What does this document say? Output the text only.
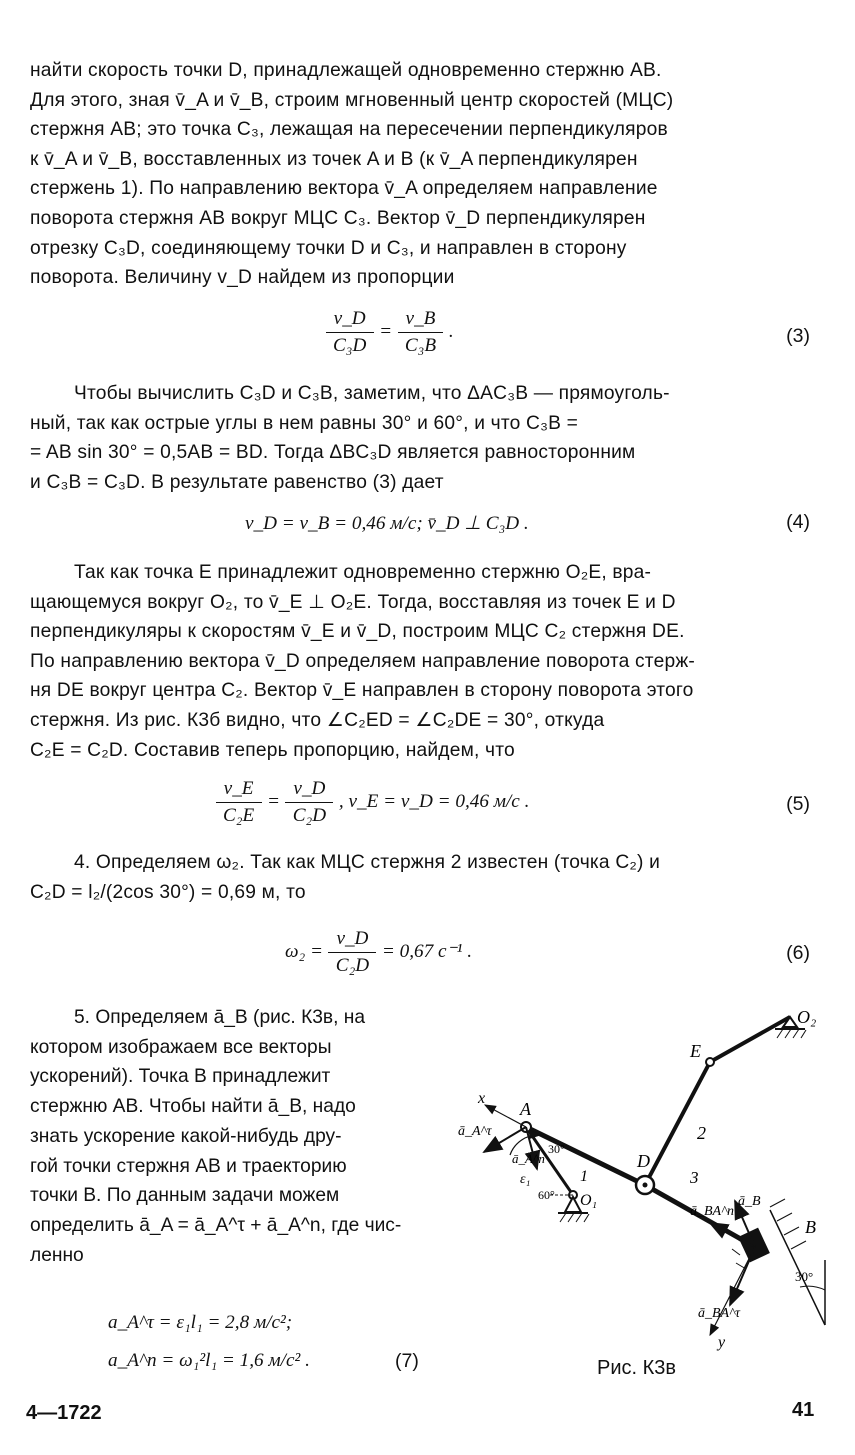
найти скорость точки D, принадлежащей одновременно стержню AB.
Для этого, зная v̄_A и v̄_B, строим мгновенный центр скоростей (МЦС)
стержня AB; это точка C₃, лежащая на пересечении перпендикуляров
к v̄_A и v̄_B, восставленных из точек A и B (к v̄_A перпендикулярен
стержень 1). По направлению вектора v̄_A определяем направление
поворота стержня AB вокруг МЦС C₃. Вектор v̄_D перпендикулярен
отрезку C₃D, соединяющему точки D и C₃, и направлен в сторону
поворота. Величину v_D найдем из пропорции
$\frac{v\_D}{\text{C₃D}} = \frac{v\_B}{\text{C₃B}}$ .	(3)
Чтобы вычислить C₃D и C₃B, заметим, что ΔAC₃B — прямоуголь-
ный, так как острые углы в нем равны 30° и 60°, и что C₃B =
= AB sin 30° = 0,5AB = BD. Тогда ΔBC₃D является равносторонним
и C₃B = C₃D. В результате равенство (3) дает
v_D = v_B = 0,46 м/с; v̄_D ⊥ C₃D .	(4)
Так как точка E принадлежит одновременно стержню O₂E, вра-
щающемуся вокруг O₂, то v̄_E ⊥ O₂E. Тогда, восставляя из точек E и D
перпендикуляры к скоростям v̄_E и v̄_D, построим МЦС C₂ стержня DE.
По направлению вектора v̄_D определяем направление поворота стерж-
ня DE вокруг центра C₂. Вектор v̄_E направлен в сторону поворота этого
стержня. Из рис. К3б видно, что ∠C₂ED = ∠C₂DE = 30°, откуда
C₂E = C₂D. Составив теперь пропорцию, найдем, что
$\frac{v\_E}{\text{C₂E}} = \frac{v\_D}{\text{C₂D}}$ , v_E = v_D = 0,46 м/с .	(5)
4. Определяем ω₂. Так как МЦС стержня 2 известен (точка C₂) и
C₂D = l₂/(2cos 30°) = 0,69 м, то
$\omega_2 = \frac{v\_D}{\text{C₂D}} = 0,67$ с⁻¹ .	(6)
5. Определяем ā_B (рис. К3в, на
котором изображаем все векторы
ускорений). Точка B принадлежит
стержню AB. Чтобы найти ā_B, надо
знать ускорение какой-нибудь дру-
гой точки стержня AB и траекторию
точки B. По данным задачи можем
определить ā_A = ā_A^τ + ā_A^n, где чис-
ленно
a_A^τ = ε₁l₁ = 2,8 м/с²;
a_A^n = ω₁²l₁ = 1,6 м/с² .	(7)
O₂
E
2
D
3
A
1
O₁
B
x
y
ā_A^τ
ā_A^n
ε₁
30°
60°
ā_BA^n
ā_B
ā_BA^τ
30°
Рис. К3в
4—1722	41
